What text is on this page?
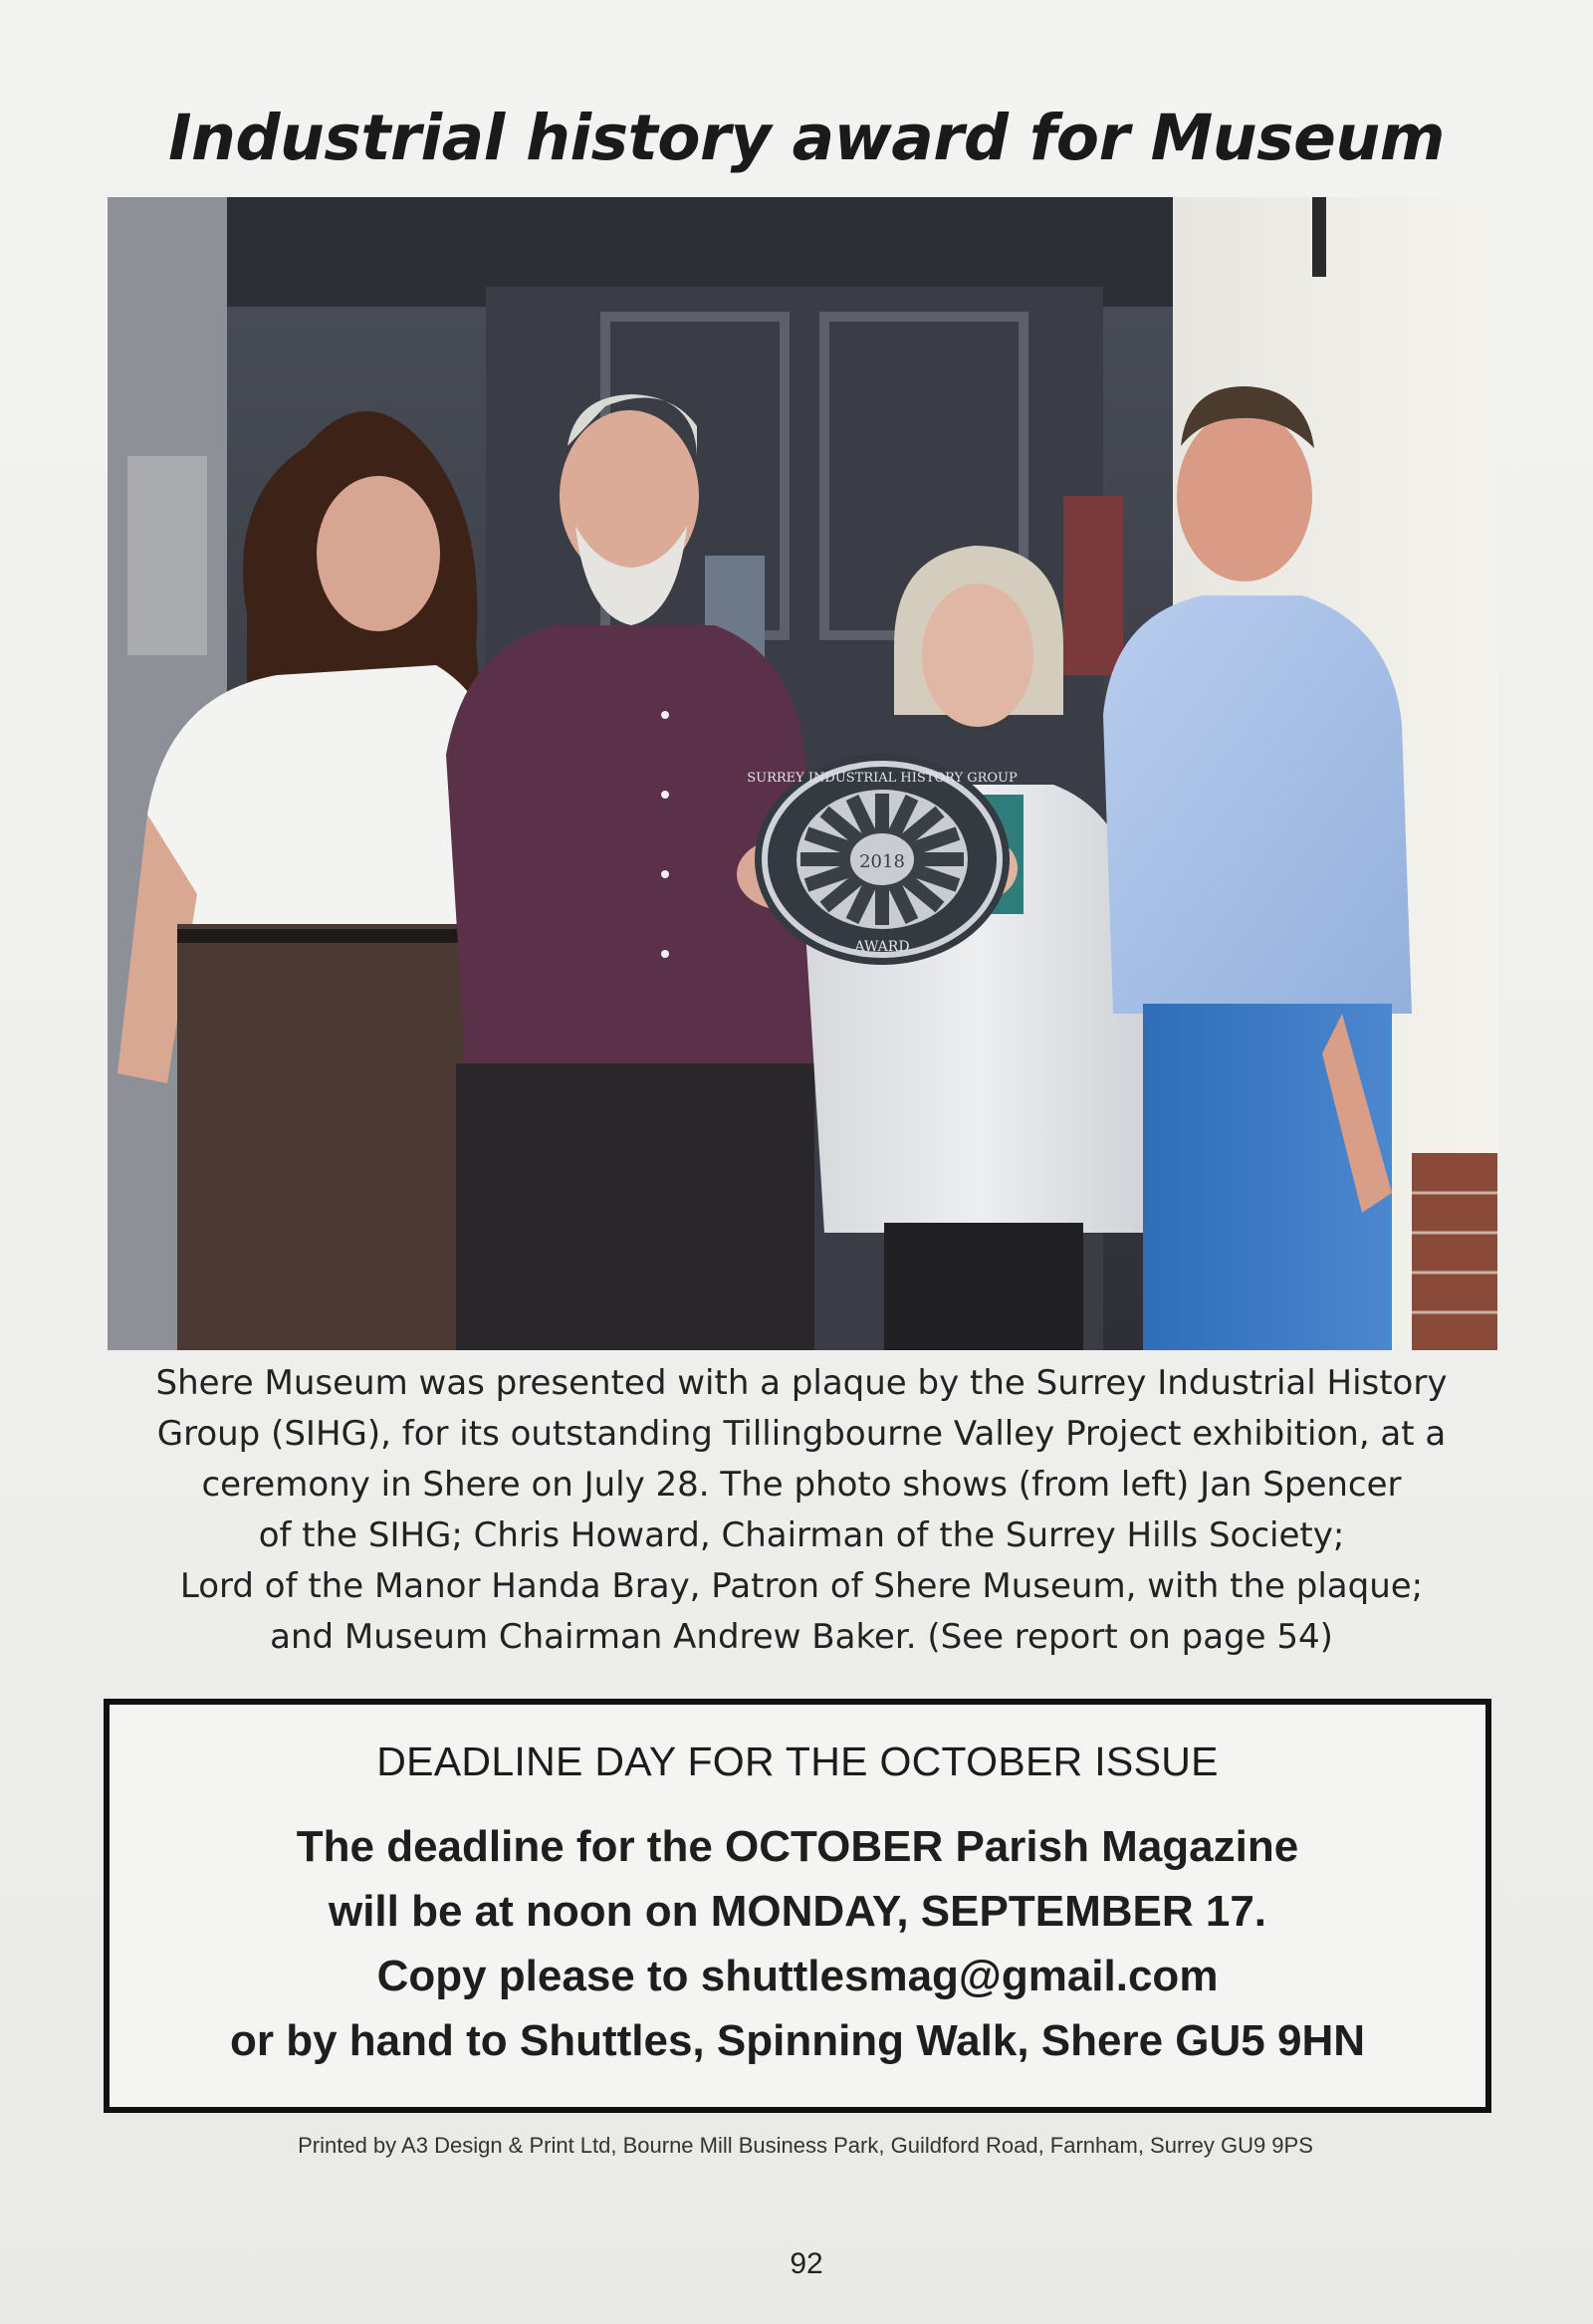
Industrial history award for Museum
2018
SURREY INDUSTRIAL HISTORY GROUP
AWARD

Shere Museum was presented with a plaque by the Surrey Industrial History
Group (SIHG), for its outstanding Tillingbourne Valley Project exhibition, at a
ceremony in Shere on July 28. The photo shows (from left) Jan Spencer
of the SIHG; Chris Howard, Chairman of the Surrey Hills Society;
Lord of the Manor Handa Bray, Patron of Shere Museum, with the plaque;
and Museum Chairman Andrew Baker. (See report on page 54)

DEADLINE DAY FOR THE OCTOBER ISSUE
The deadline for the OCTOBER Parish Magazine
will be at noon on MONDAY, SEPTEMBER 17.
Copy please to shuttlesmag@gmail.com
or by hand to Shuttles, Spinning Walk, Shere GU5 9HN
Printed by A3 Design & Print Ltd, Bourne Mill Business Park, Guildford Road, Farnham, Surrey GU9 9PS
92
